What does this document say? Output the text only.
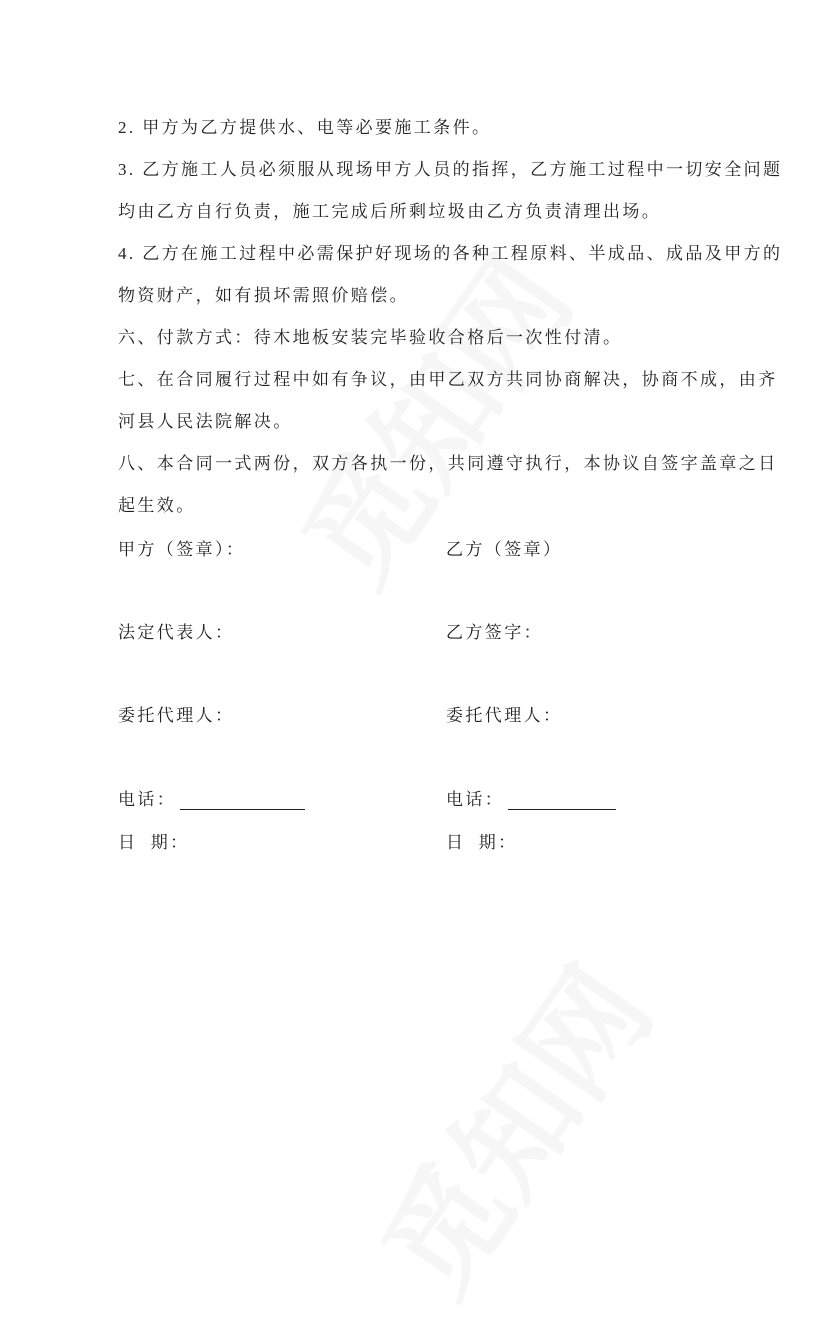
2. 甲方为乙方提供水、电等必要施工条件。
3. 乙方施工人员必须服从现场甲方人员的指挥，乙方施工过程中一切安全问题
均由乙方自行负责，施工完成后所剩垃圾由乙方负责清理出场。
4. 乙方在施工过程中必需保护好现场的各种工程原料、半成品、成品及甲方的
物资财产，如有损坏需照价赔偿。
六、付款方式：待木地板安装完毕验收合格后一次性付清。
七、在合同履行过程中如有争议，由甲乙双方共同协商解决，协商不成，由齐
河县人民法院解决。
八、本合同一式两份，双方各执一份，共同遵守执行，本协议自签字盖章之日
起生效。
甲方（签章）：	乙方（签章）
法定代表人：	乙方签字：
委托代理人：	委托代理人：
电话：	电话：
日  期：	日  期：
